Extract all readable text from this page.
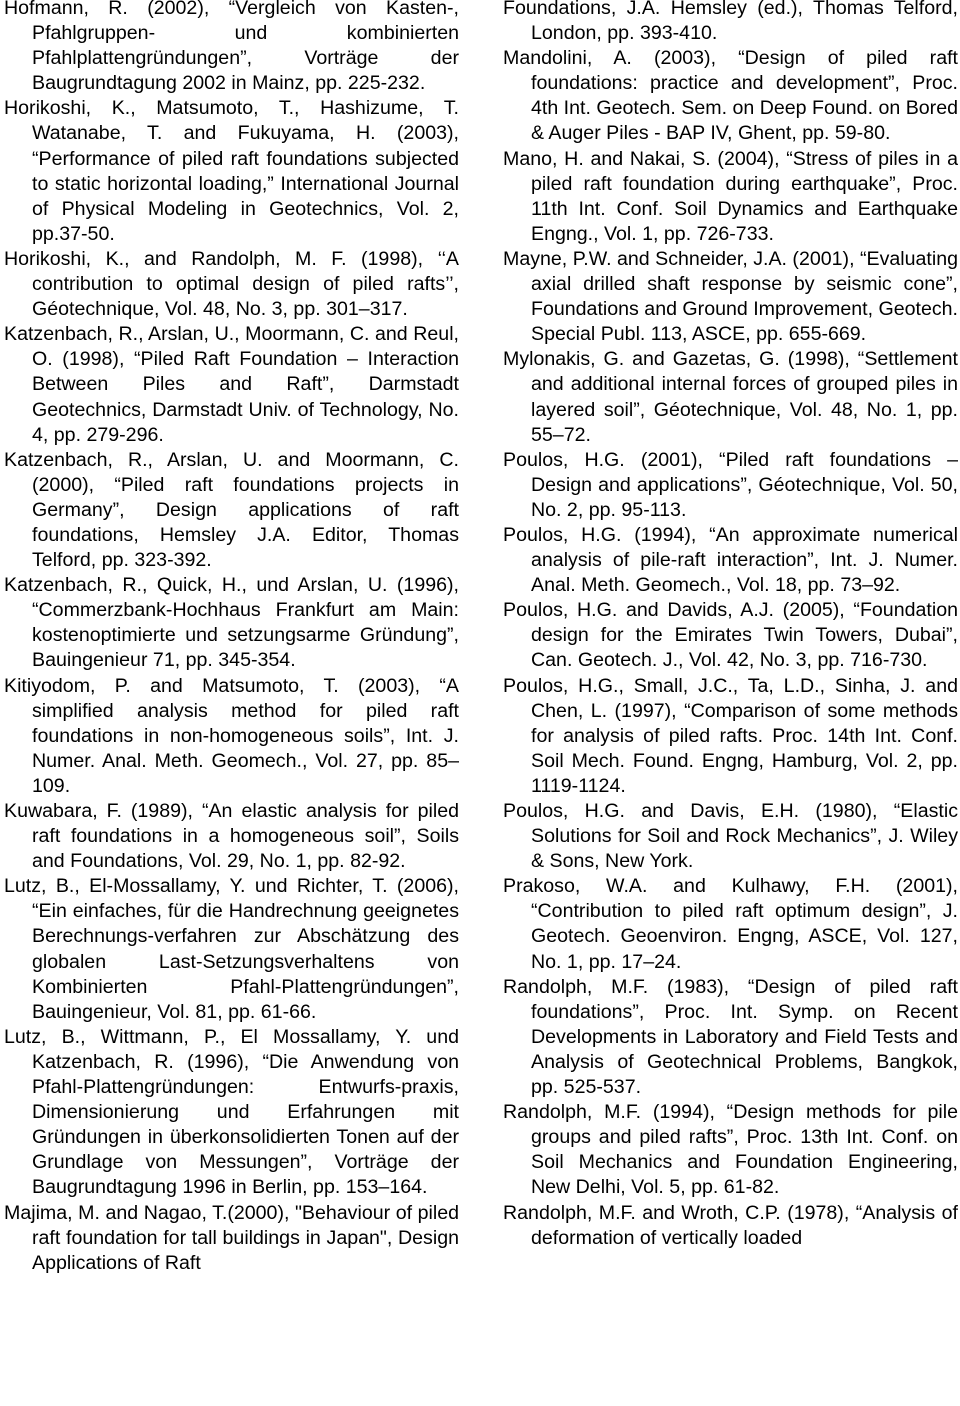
Hofmann, R. (2002), “Vergleich von Kasten-, Pfahlgruppen- und kombinierten Pfahlplattengründungen”, Vorträge der Baugrundtagung 2002 in Mainz, pp. 225-232.

Horikoshi, K., Matsumoto, T., Hashizume, T. Watanabe, T. and Fukuyama, H. (2003), “Performance of piled raft foundations subjected to static horizontal loading,” International Journal of Physical Modeling in Geotechnics, Vol. 2, pp.37-50.

Horikoshi, K., and Randolph, M. F. (1998), ‘‘A contribution to optimal design of piled rafts’’, Géotechnique, Vol. 48, No. 3, pp. 301–317.

Katzenbach, R., Arslan, U., Moormann, C. and Reul, O. (1998), “Piled Raft Foundation – Interaction Between Piles and Raft”, Darmstadt Geotechnics, Darmstadt Univ. of Technology, No. 4, pp. 279-296.

Katzenbach, R., Arslan, U. and Moormann, C. (2000), “Piled raft foundations projects in Germany”, Design applications of raft foundations, Hemsley J.A. Editor, Thomas Telford, pp. 323-392.

Katzenbach, R., Quick, H., und Arslan, U. (1996), “Commerzbank-Hochhaus Frankfurt am Main: kostenoptimierte und setzungsarme Gründung”, Bauingenieur 71, pp. 345-354.

Kitiyodom, P. and Matsumoto, T. (2003), “A simplified analysis method for piled raft foundations in non-homogeneous soils”, Int. J. Numer. Anal. Meth. Geomech., Vol. 27, pp. 85–109.

Kuwabara, F. (1989), “An elastic analysis for piled raft foundations in a homogeneous soil”, Soils and Foundations, Vol. 29, No. 1, pp. 82-92.

Lutz, B., El-Mossallamy, Y. und Richter, T. (2006), “Ein einfaches, für die Handrechnung geeignetes Berechnungs-verfahren zur Abschätzung des globalen Last-Setzungsverhaltens von Kombinierten Pfahl-Plattengründungen”, Bauingenieur, Vol. 81, pp. 61-66.

Lutz, B., Wittmann, P., El Mossallamy, Y. und Katzenbach, R. (1996), “Die Anwendung von Pfahl-Plattengründungen: Entwurfs-praxis, Dimensionierung und Erfahrungen mit Gründungen in überkonsolidierten Tonen auf der Grundlage von Messungen”, Vorträge der Baugrundtagung 1996 in Berlin, pp. 153–164.

Majima, M. and Nagao, T.(2000), "Behaviour of piled raft foundation for tall buildings in Japan", Design Applications of Raft

Foundations, J.A. Hemsley (ed.), Thomas Telford, London, pp. 393-410.

Mandolini, A. (2003), “Design of piled raft foundations: practice and development”, Proc. 4th Int. Geotech. Sem. on Deep Found. on Bored & Auger Piles - BAP IV, Ghent, pp. 59-80.

Mano, H. and Nakai, S. (2004), “Stress of piles in a piled raft foundation during earthquake”, Proc. 11th Int. Conf. Soil Dynamics and Earthquake Engng., Vol. 1, pp. 726-733.

Mayne, P.W. and Schneider, J.A. (2001), “Evaluating axial drilled shaft response by seismic cone”, Foundations and Ground Improvement, Geotech. Special Publ. 113, ASCE, pp. 655-669.

Mylonakis, G. and Gazetas, G. (1998), “Settlement and additional internal forces of grouped piles in layered soil”, Géotechnique, Vol. 48, No. 1, pp. 55–72.

Poulos, H.G. (2001), “Piled raft foundations – Design and applications”, Géotechnique, Vol. 50, No. 2, pp. 95-113.

Poulos, H.G. (1994), “An approximate numerical analysis of pile-raft interaction”, Int. J. Numer. Anal. Meth. Geomech., Vol. 18, pp. 73–92.

Poulos, H.G. and Davids, A.J. (2005), “Foundation design for the Emirates Twin Towers, Dubai”, Can. Geotech. J., Vol. 42, No. 3, pp. 716-730.

Poulos, H.G., Small, J.C., Ta, L.D., Sinha, J. and Chen, L. (1997), “Comparison of some methods for analysis of piled rafts. Proc. 14th Int. Conf. Soil Mech. Found. Engng, Hamburg, Vol. 2, pp. 1119-1124.

Poulos, H.G. and Davis, E.H. (1980), “Elastic Solutions for Soil and Rock Mechanics”, J. Wiley & Sons, New York.

Prakoso, W.A. and Kulhawy, F.H. (2001), “Contribution to piled raft optimum design”, J. Geotech. Geoenviron. Engng, ASCE, Vol. 127, No. 1, pp. 17–24.

Randolph, M.F. (1983), “Design of piled raft foundations”, Proc. Int. Symp. on Recent Developments in Laboratory and Field Tests and Analysis of Geotechnical Problems, Bangkok, pp. 525-537.

Randolph, M.F. (1994), “Design methods for pile groups and piled rafts”, Proc. 13th Int. Conf. on Soil Mechanics and Foundation Engineering, New Delhi, Vol. 5, pp. 61-82.

Randolph, M.F. and Wroth, C.P. (1978), “Analysis of deformation of vertically loaded
